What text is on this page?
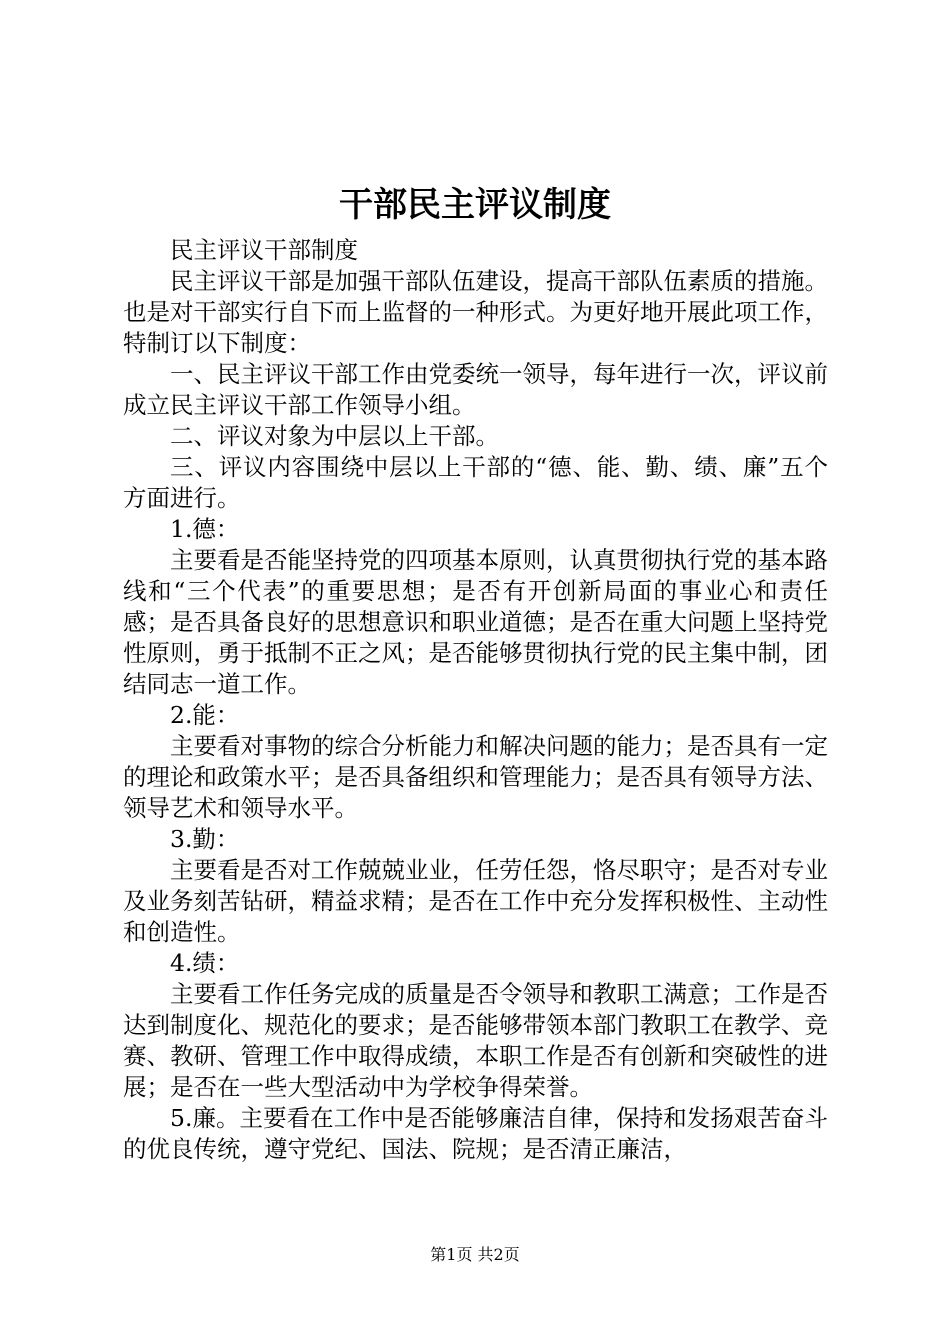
干部民主评议制度

民主评议干部制度

民主评议干部是加强干部队伍建设，提高干部队伍素质的措施。也是对干部实行自下而上监督的一种形式。为更好地开展此项工作，特制订以下制度：

一、民主评议干部工作由党委统一领导，每年进行一次，评议前成立民主评议干部工作领导小组。

二、评议对象为中层以上干部。

三、评议内容围绕中层以上干部的“德、能、勤、绩、廉”五个方面进行。

1.德：

主要看是否能坚持党的四项基本原则，认真贯彻执行党的基本路线和“三个代表”的重要思想；是否有开创新局面的事业心和责任感；是否具备良好的思想意识和职业道德；是否在重大问题上坚持党性原则，勇于抵制不正之风；是否能够贯彻执行党的民主集中制，团结同志一道工作。

2.能：

主要看对事物的综合分析能力和解决问题的能力；是否具有一定的理论和政策水平；是否具备组织和管理能力；是否具有领导方法、领导艺术和领导水平。

3.勤：

主要看是否对工作兢兢业业，任劳任怨，恪尽职守；是否对专业及业务刻苦钻研，精益求精；是否在工作中充分发挥积极性、主动性和创造性。

4.绩：

主要看工作任务完成的质量是否令领导和教职工满意；工作是否达到制度化、规范化的要求；是否能够带领本部门教职工在教学、竞赛、教研、管理工作中取得成绩，本职工作是否有创新和突破性的进展；是否在一些大型活动中为学校争得荣誉。

5.廉。主要看在工作中是否能够廉洁自律，保持和发扬艰苦奋斗的优良传统，遵守党纪、国法、院规；是否清正廉洁，

第1页 共2页
